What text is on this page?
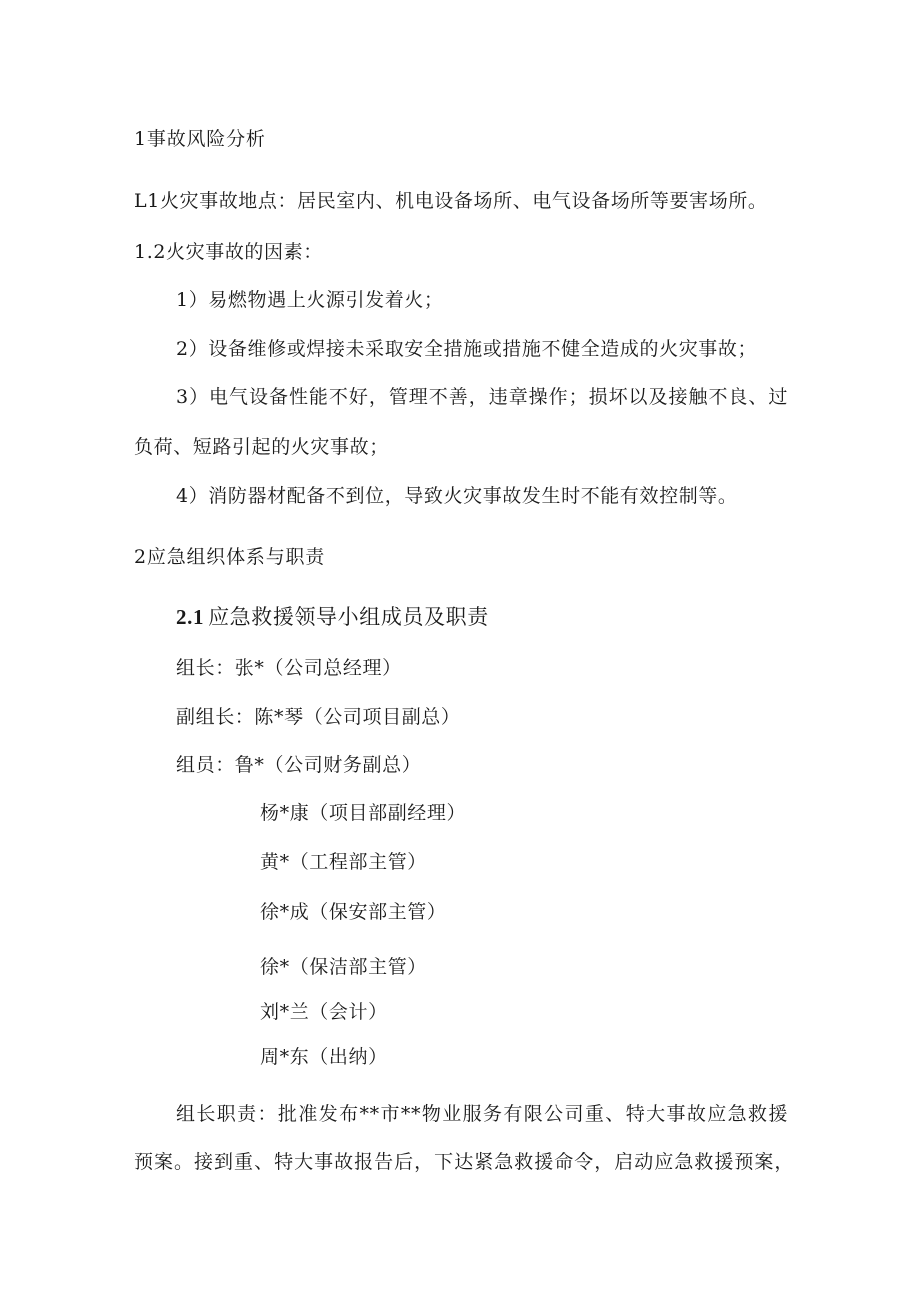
1事故风险分析

L1火灾事故地点：居民室内、机电设备场所、电气设备场所等要害场所。

1.2火灾事故的因素：

1）易燃物遇上火源引发着火；

2）设备维修或焊接未采取安全措施或措施不健全造成的火灾事故；

3）电气设备性能不好，管理不善，违章操作；损坏以及接触不良、过

负荷、短路引起的火灾事故；

4）消防器材配备不到位，导致火灾事故发生时不能有效控制等。

2应急组织体系与职责

2.1 应急救援领导小组成员及职责

组长：张*（公司总经理）

副组长：陈*琴（公司项目副总）

组员：鲁*（公司财务副总）

杨*康（项目部副经理）

黄*（工程部主管）

徐*成（保安部主管）

徐*（保洁部主管）

刘*兰（会计）

周*东（出纳）

组长职责：批准发布**市**物业服务有限公司重、特大事故应急救援

预案。接到重、特大事故报告后，下达紧急救援命令，启动应急救援预案，
